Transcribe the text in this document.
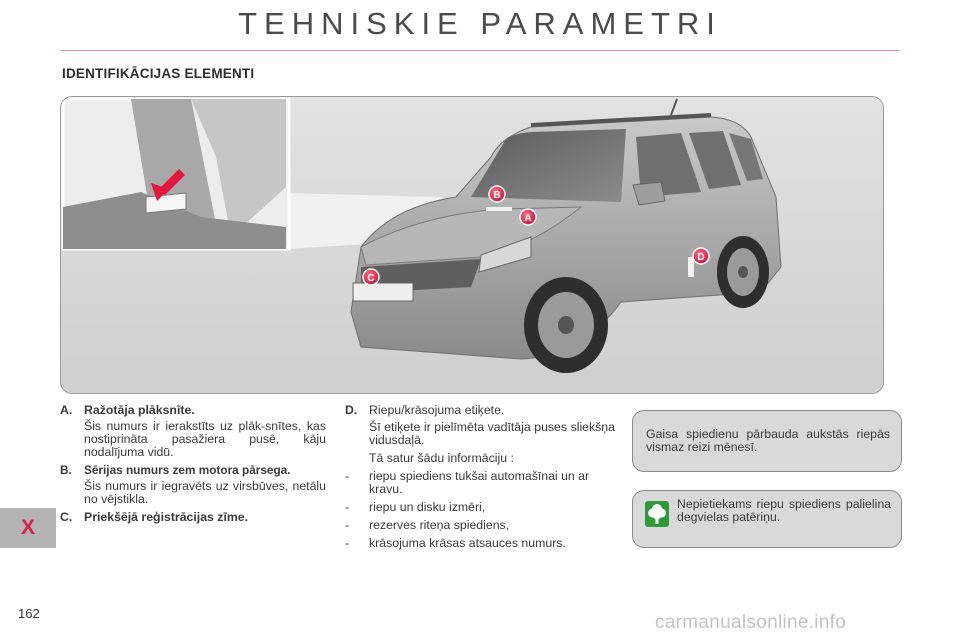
TEHNISKIE PARAMETRI
IDENTIFIKĀCIJAS ELEMENTI
A
B
C
D

A. Ražotāja plāksnīte.

Šis numurs ir ierakstīts uz plāk-snītes, kas nostiprināta pasažiera pusē, kāju nodalījuma vidū.

B. Sērijas numurs zem motora pārsega.

Šis numurs ir iegravēts uz virsbūves, netālu no vējstikla.

C. Priekšējā reģistrācijas zīme.

D. Riepu/krāsojuma etiķete.

Šī etiķete ir pielīmēta vadītāja puses sliekšņa vidusdaļā.

Tā satur šādu informāciju :

-	riepu spiediens tukšai automašīnai un ar kravu.
-	riepu un disku izmēri,
-	rezerves riteņa spiediens,
-	krāsojuma krāsas atsauces numurs.
Gaisa spiedienu pārbauda aukstās riepās vismaz reizi mēnesī.
Nepietiekams riepu spiediens palielina degvielas patēriņu.
X
162	carmanualsonline.info
